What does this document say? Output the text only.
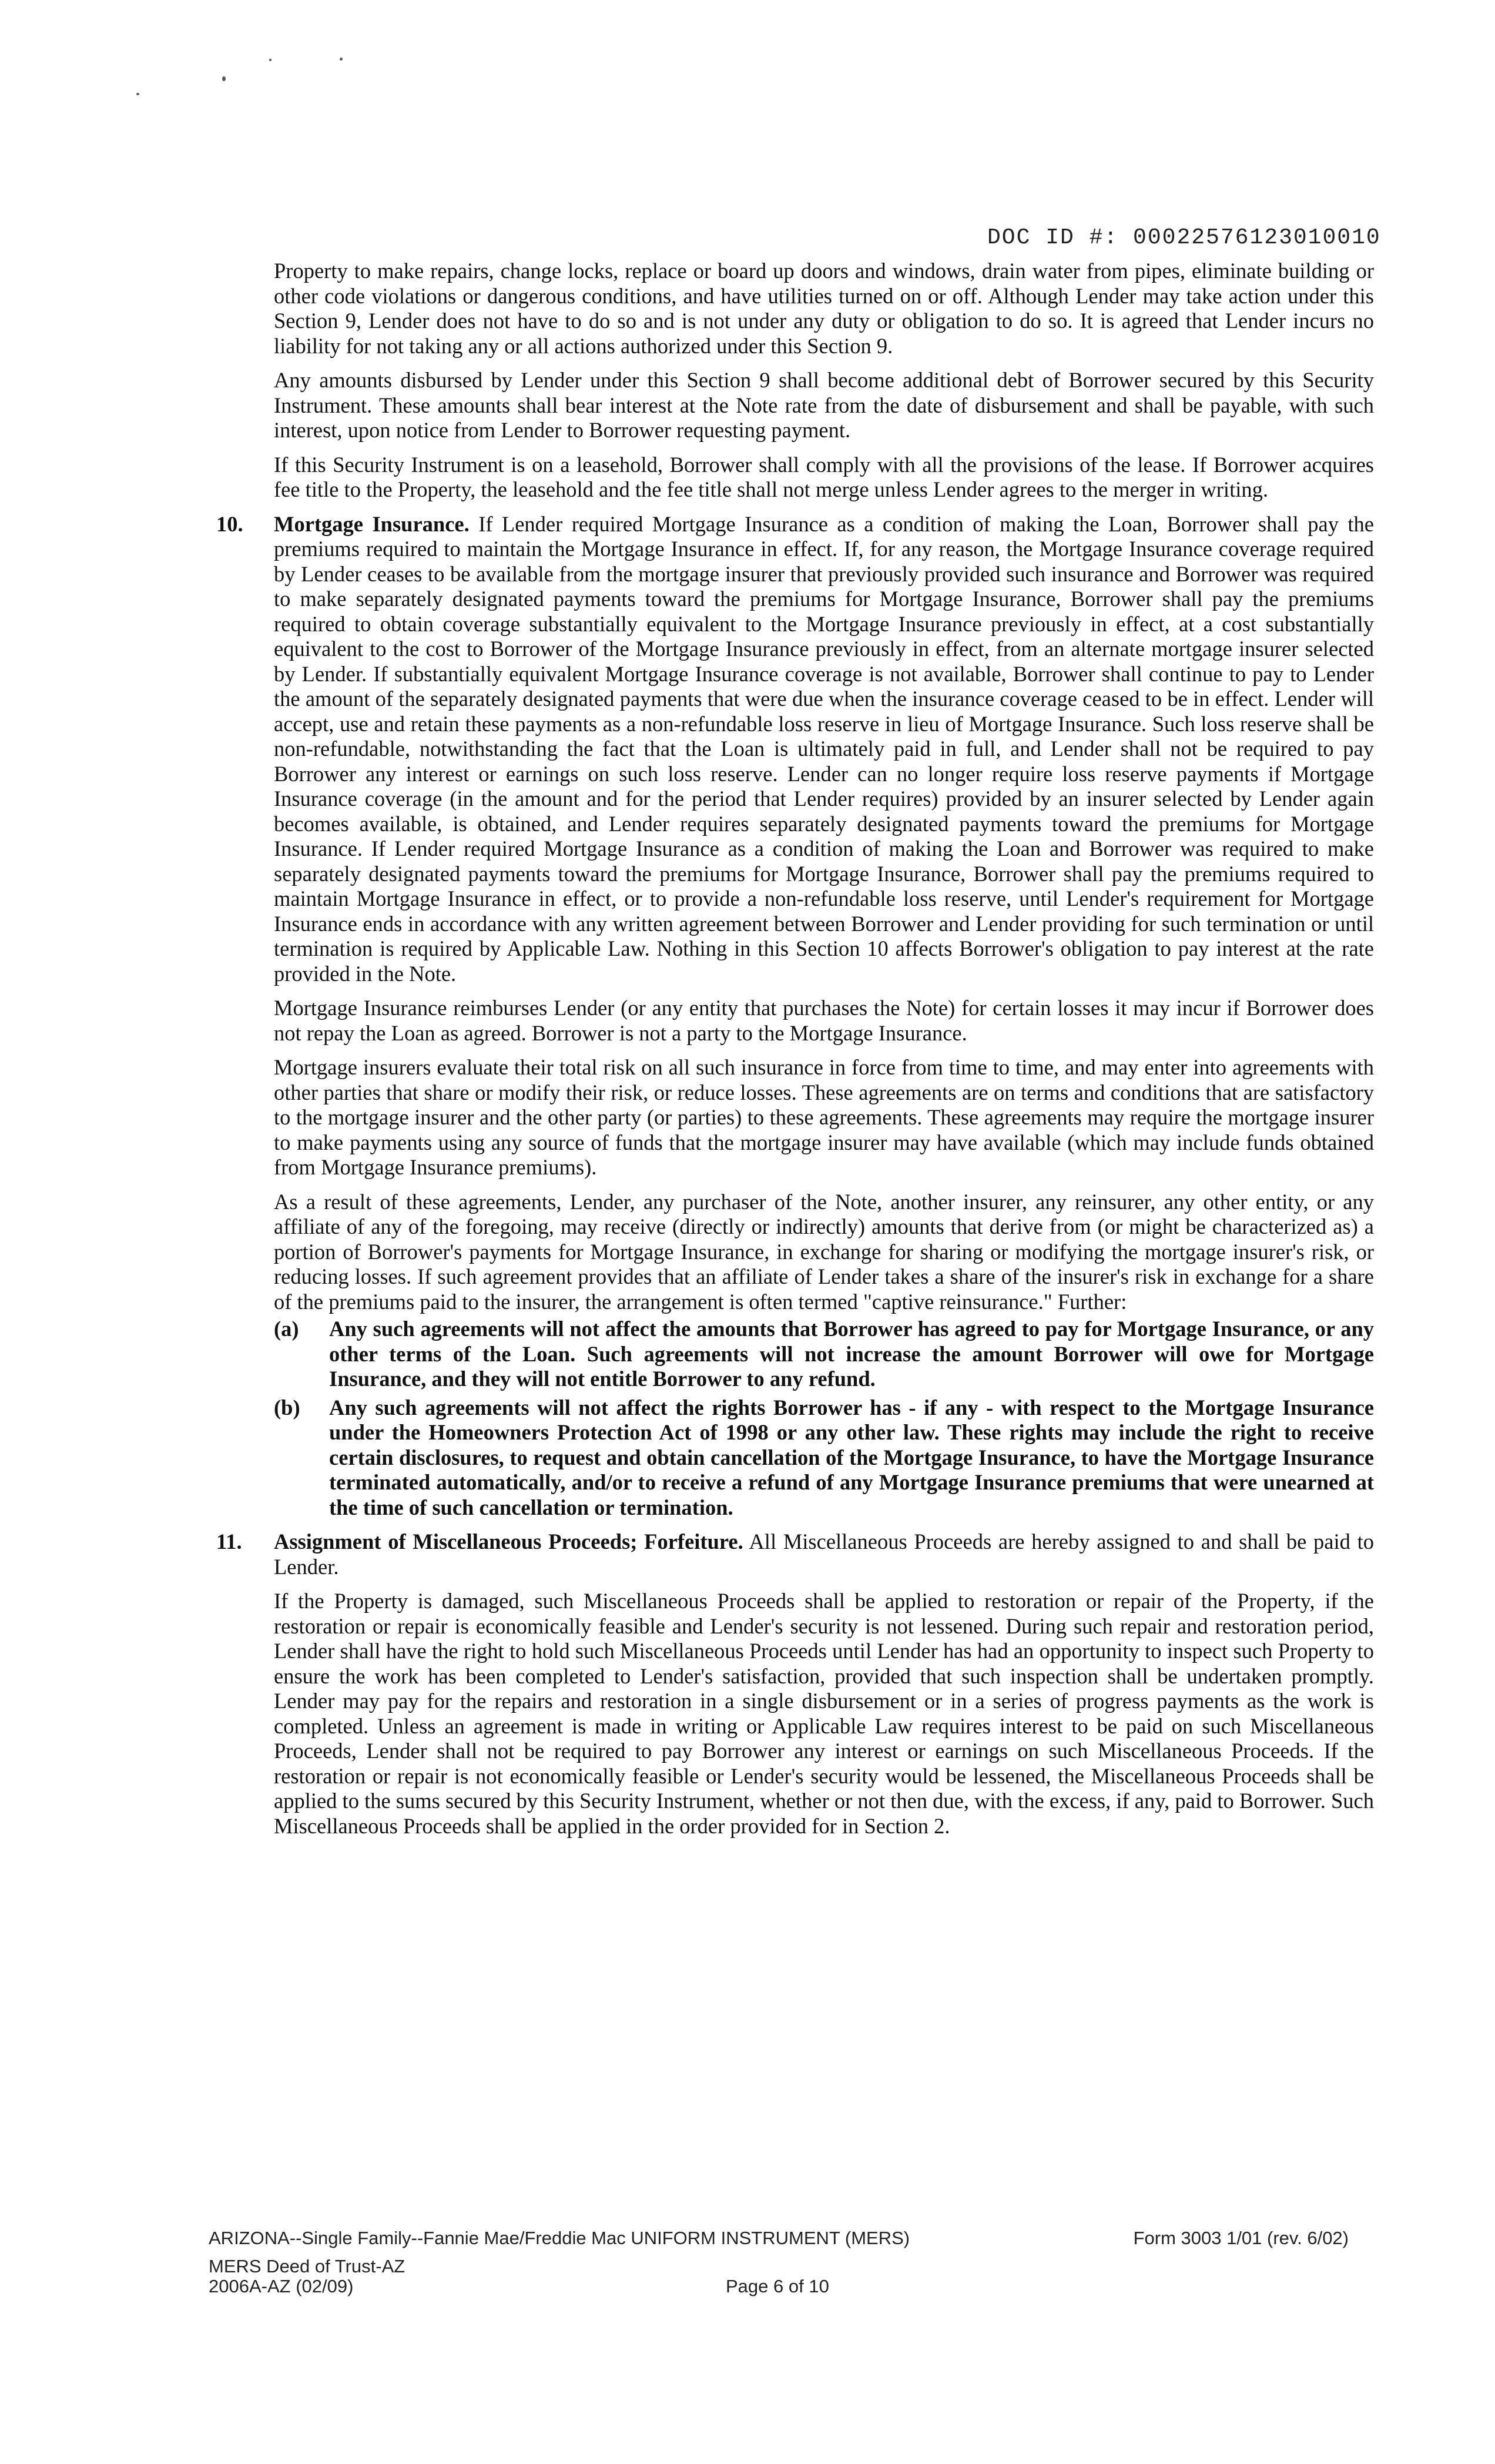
DOC ID #: 00022576123010010

Property to make repairs, change locks, replace or board up doors and windows, drain water from pipes, eliminate building or other code violations or dangerous conditions, and have utilities turned on or off. Although Lender may take action under this Section 9, Lender does not have to do so and is not under any duty or obligation to do so. It is agreed that Lender incurs no liability for not taking any or all actions authorized under this Section 9.

Any amounts disbursed by Lender under this Section 9 shall become additional debt of Borrower secured by this Security Instrument. These amounts shall bear interest at the Note rate from the date of disbursement and shall be payable, with such interest, upon notice from Lender to Borrower requesting payment.

If this Security Instrument is on a leasehold, Borrower shall comply with all the provisions of the lease. If Borrower acquires fee title to the Property, the leasehold and the fee title shall not merge unless Lender agrees to the merger in writing.

10. Mortgage Insurance. If Lender required Mortgage Insurance as a condition of making the Loan, Borrower shall pay the premiums required to maintain the Mortgage Insurance in effect. If, for any reason, the Mortgage Insurance coverage required by Lender ceases to be available from the mortgage insurer that previously provided such insurance and Borrower was required to make separately designated payments toward the premiums for Mortgage Insurance, Borrower shall pay the premiums required to obtain coverage substantially equivalent to the Mortgage Insurance previously in effect, at a cost substantially equivalent to the cost to Borrower of the Mortgage Insurance previously in effect, from an alternate mortgage insurer selected by Lender. If substantially equivalent Mortgage Insurance coverage is not available, Borrower shall continue to pay to Lender the amount of the separately designated payments that were due when the insurance coverage ceased to be in effect. Lender will accept, use and retain these payments as a non-refundable loss reserve in lieu of Mortgage Insurance. Such loss reserve shall be non-refundable, notwithstanding the fact that the Loan is ultimately paid in full, and Lender shall not be required to pay Borrower any interest or earnings on such loss reserve. Lender can no longer require loss reserve payments if Mortgage Insurance coverage (in the amount and for the period that Lender requires) provided by an insurer selected by Lender again becomes available, is obtained, and Lender requires separately designated payments toward the premiums for Mortgage Insurance. If Lender required Mortgage Insurance as a condition of making the Loan and Borrower was required to make separately designated payments toward the premiums for Mortgage Insurance, Borrower shall pay the premiums required to maintain Mortgage Insurance in effect, or to provide a non-refundable loss reserve, until Lender's requirement for Mortgage Insurance ends in accordance with any written agreement between Borrower and Lender providing for such termination or until termination is required by Applicable Law. Nothing in this Section 10 affects Borrower's obligation to pay interest at the rate provided in the Note.

Mortgage Insurance reimburses Lender (or any entity that purchases the Note) for certain losses it may incur if Borrower does not repay the Loan as agreed. Borrower is not a party to the Mortgage Insurance.

Mortgage insurers evaluate their total risk on all such insurance in force from time to time, and may enter into agreements with other parties that share or modify their risk, or reduce losses. These agreements are on terms and conditions that are satisfactory to the mortgage insurer and the other party (or parties) to these agreements. These agreements may require the mortgage insurer to make payments using any source of funds that the mortgage insurer may have available (which may include funds obtained from Mortgage Insurance premiums).

As a result of these agreements, Lender, any purchaser of the Note, another insurer, any reinsurer, any other entity, or any affiliate of any of the foregoing, may receive (directly or indirectly) amounts that derive from (or might be characterized as) a portion of Borrower's payments for Mortgage Insurance, in exchange for sharing or modifying the mortgage insurer's risk, or reducing losses. If such agreement provides that an affiliate of Lender takes a share of the insurer's risk in exchange for a share of the premiums paid to the insurer, the arrangement is often termed "captive reinsurance." Further:

(a) Any such agreements will not affect the amounts that Borrower has agreed to pay for Mortgage Insurance, or any other terms of the Loan. Such agreements will not increase the amount Borrower will owe for Mortgage Insurance, and they will not entitle Borrower to any refund.
(b) Any such agreements will not affect the rights Borrower has - if any - with respect to the Mortgage Insurance under the Homeowners Protection Act of 1998 or any other law. These rights may include the right to receive certain disclosures, to request and obtain cancellation of the Mortgage Insurance, to have the Mortgage Insurance terminated automatically, and/or to receive a refund of any Mortgage Insurance premiums that were unearned at the time of such cancellation or termination.
11. Assignment of Miscellaneous Proceeds; Forfeiture. All Miscellaneous Proceeds are hereby assigned to and shall be paid to Lender.

If the Property is damaged, such Miscellaneous Proceeds shall be applied to restoration or repair of the Property, if the restoration or repair is economically feasible and Lender's security is not lessened. During such repair and restoration period, Lender shall have the right to hold such Miscellaneous Proceeds until Lender has had an opportunity to inspect such Property to ensure the work has been completed to Lender's satisfaction, provided that such inspection shall be undertaken promptly. Lender may pay for the repairs and restoration in a single disbursement or in a series of progress payments as the work is completed. Unless an agreement is made in writing or Applicable Law requires interest to be paid on such Miscellaneous Proceeds, Lender shall not be required to pay Borrower any interest or earnings on such Miscellaneous Proceeds. If the restoration or repair is not economically feasible or Lender's security would be lessened, the Miscellaneous Proceeds shall be applied to the sums secured by this Security Instrument, whether or not then due, with the excess, if any, paid to Borrower. Such Miscellaneous Proceeds shall be applied in the order provided for in Section 2.

ARIZONA--Single Family--Fannie Mae/Freddie Mac UNIFORM INSTRUMENT (MERS)	Form 3003 1/01 (rev. 6/02)
MERS Deed of Trust-AZ
2006A-AZ (02/09)	Page 6 of 10
